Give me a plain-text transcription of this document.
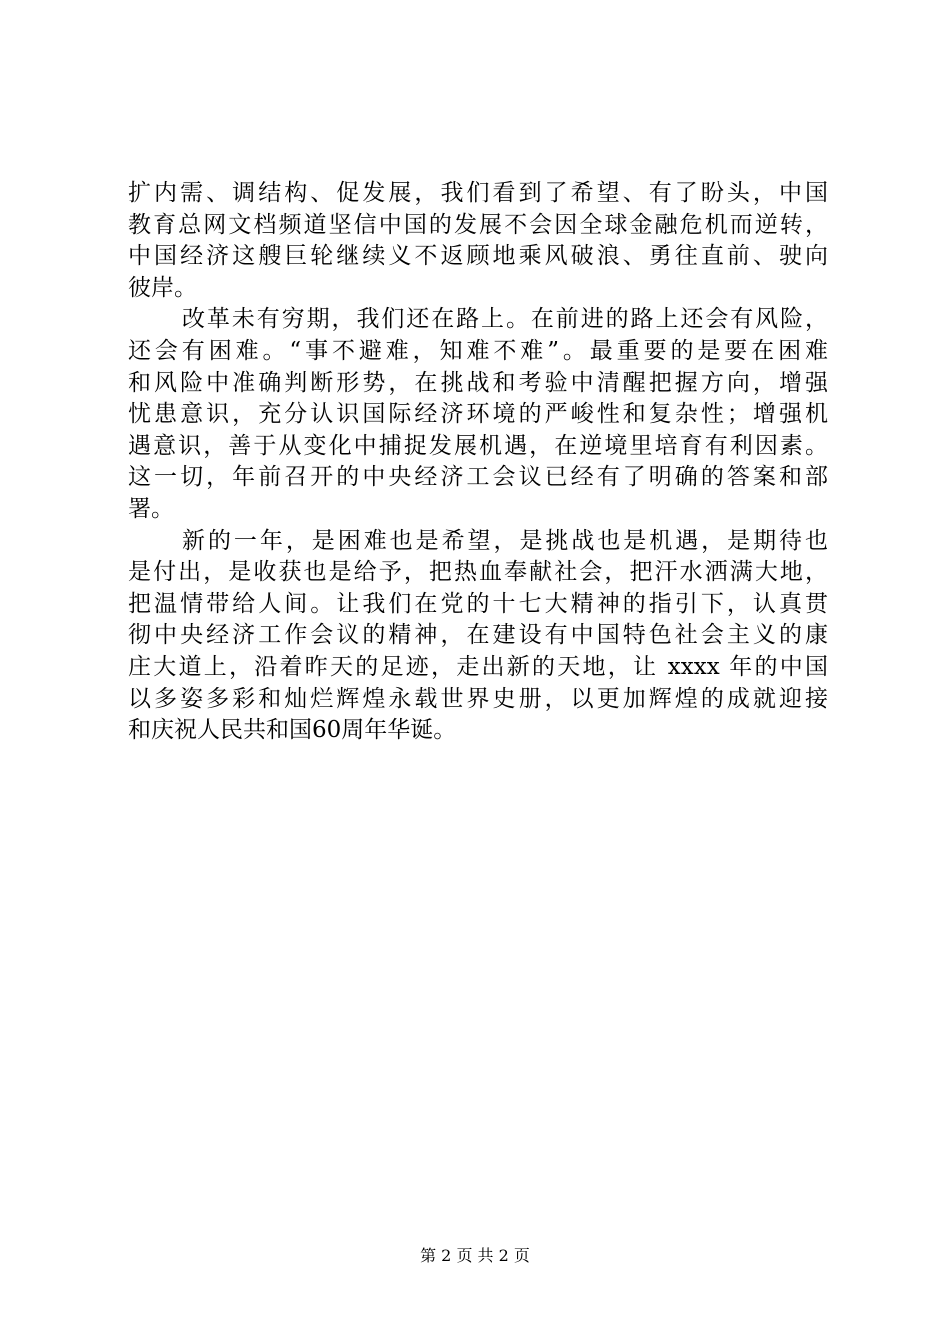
扩内需、调结构、促发展，我们看到了希望、有了盼头，中国
教育总网文档频道坚信中国的发展不会因全球金融危机而逆转，
中国经济这艘巨轮继续义不返顾地乘风破浪、勇往直前、驶向
彼岸。
改革未有穷期，我们还在路上。在前进的路上还会有风险，
还会有困难。“事不避难，知难不难”。最重要的是要在困难
和风险中准确判断形势，在挑战和考验中清醒把握方向，增强
忧患意识，充分认识国际经济环境的严峻性和复杂性；增强机
遇意识，善于从变化中捕捉发展机遇，在逆境里培育有利因素。
这一切，年前召开的中央经济工会议已经有了明确的答案和部
署。
新的一年，是困难也是希望，是挑战也是机遇，是期待也
是付出，是收获也是给予，把热血奉献社会，把汗水洒满大地，
把温情带给人间。让我们在党的十七大精神的指引下，认真贯
彻中央经济工作会议的精神，在建设有中国特色社会主义的康
庄大道上，沿着昨天的足迹，走出新的天地，让 xxxx 年的中国
以多姿多彩和灿烂辉煌永载世界史册，以更加辉煌的成就迎接
和庆祝人民共和国60周年华诞。
第 2 页 共 2 页
